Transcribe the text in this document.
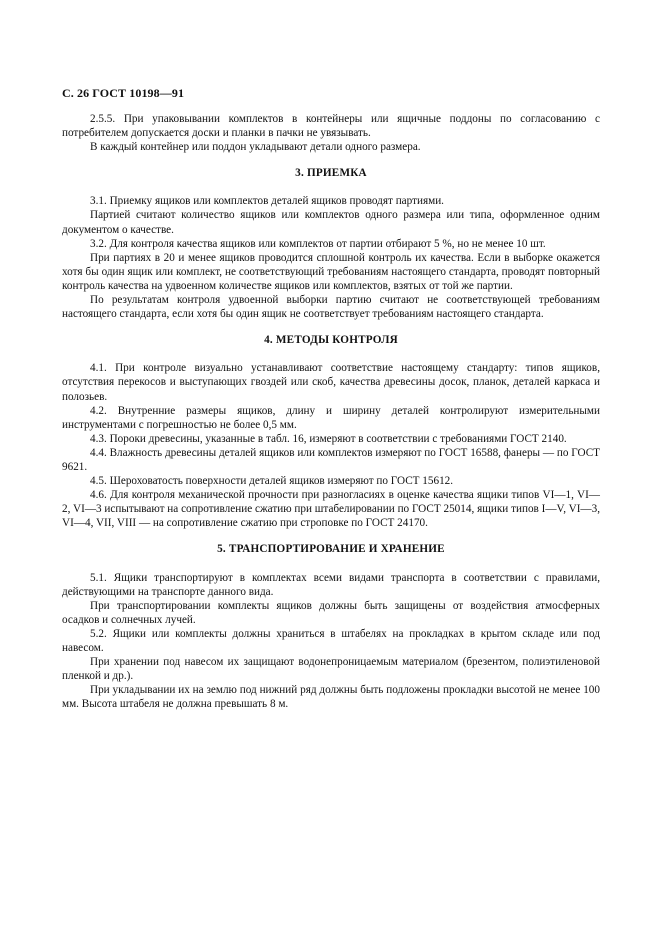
С. 26 ГОСТ 10198—91

2.5.5. При упаковывании комплектов в контейнеры или ящичные поддоны по согласованию с потребителем допускается доски и планки в пачки не увязывать.

В каждый контейнер или поддон укладывают детали одного размера.

3. ПРИЕМКА

3.1. Приемку ящиков или комплектов деталей ящиков проводят партиями.

Партией считают количество ящиков или комплектов одного размера или типа, оформленное одним документом о качестве.

3.2. Для контроля качества ящиков или комплектов от партии отбирают 5 %, но не менее 10 шт.

При партиях в 20 и менее ящиков проводится сплошной контроль их качества. Если в выборке окажется хотя бы один ящик или комплект, не соответствующий требованиям настоящего стандарта, проводят повторный контроль качества на удвоенном количестве ящиков или комплектов, взятых от той же партии.

По результатам контроля удвоенной выборки партию считают не соответствующей требованиям настоящего стандарта, если хотя бы один ящик не соответствует требованиям настоящего стандарта.

4. МЕТОДЫ КОНТРОЛЯ

4.1. При контроле визуально устанавливают соответствие настоящему стандарту: типов ящиков, отсутствия перекосов и выступающих гвоздей или скоб, качества древесины досок, планок, деталей каркаса и полозьев.

4.2. Внутренние размеры ящиков, длину и ширину деталей контролируют измерительными инструментами с погрешностью не более 0,5 мм.

4.3. Пороки древесины, указанные в табл. 16, измеряют в соответствии с требованиями ГОСТ 2140.

4.4. Влажность древесины деталей ящиков или комплектов измеряют по ГОСТ 16588, фанеры — по ГОСТ 9621.

4.5. Шероховатость поверхности деталей ящиков измеряют по ГОСТ 15612.

4.6. Для контроля механической прочности при разногласиях в оценке качества ящики типов VI—1, VI—2, VI—3 испытывают на сопротивление сжатию при штабелировании по ГОСТ 25014, ящики типов I—V, VI—3, VI—4, VII, VIII — на сопротивление сжатию при строповке по ГОСТ 24170.

5. ТРАНСПОРТИРОВАНИЕ И ХРАНЕНИЕ

5.1. Ящики транспортируют в комплектах всеми видами транспорта в соответствии с правилами, действующими на транспорте данного вида.

При транспортировании комплекты ящиков должны быть защищены от воздействия атмосферных осадков и солнечных лучей.

5.2. Ящики или комплекты должны храниться в штабелях на прокладках в крытом складе или под навесом.

При хранении под навесом их защищают водонепроницаемым материалом (брезентом, полиэтиленовой пленкой и др.).

При укладывании их на землю под нижний ряд должны быть подложены прокладки высотой не менее 100 мм. Высота штабеля не должна превышать 8 м.
